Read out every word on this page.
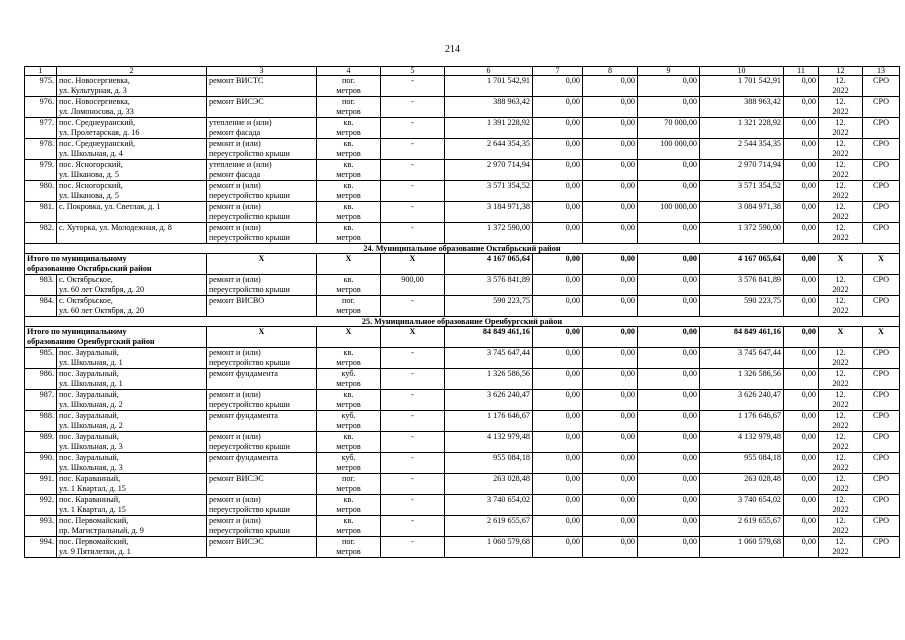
214
1	2	3	4	5	6	7	8	9	10	11	12	13
975.	пос. Новосергиевка,
ул. Культурная, д. 3	ремонт ВИСТС	пог.
метров	-	1 701 542,91	0,00	0,00	0,00	1 701 542,91	0,00	12.
2022	СРО
976.	пос. Новосергиевка,
ул. Ломоносова, д. 33	ремонт ВИСЭС	пог.
метров	-	388 963,42	0,00	0,00	0,00	388 963,42	0,00	12.
2022	СРО
977.	пос. Среднеуранский,
ул. Пролетарская, д. 16	утепление и (или)
ремонт фасада	кв.
метров	-	1 391 228,92	0,00	0,00	70 000,00	1 321 228,92	0,00	12.
2022	СРО
978.	пос. Среднеуранский,
ул. Школьная, д. 4	ремонт и (или)
переустройство крыши	кв.
метров	-	2 644 354,35	0,00	0,00	100 000,00	2 544 354,35	0,00	12.
2022	СРО
979.	пос. Ясногорский,
ул. Шканова, д. 5	утепление и (или)
ремонт фасада	кв.
метров	-	2 970 714,94	0,00	0,00	0,00	2 970 714,94	0,00	12.
2022	СРО
980.	пос. Ясногорский,
ул. Шканова, д. 5	ремонт и (или)
переустройство крыши	кв.
метров	-	3 571 354,52	0,00	0,00	0,00	3 571 354,52	0,00	12.
2022	СРО
981.	с. Покровка, ул. Светлая, д. 1	ремонт и (или)
переустройство крыши	кв.
метров	-	3 184 971,38	0,00	0,00	100 000,00	3 084 971,38	0,00	12.
2022	СРО
982.	с. Хуторка, ул. Молодежная, д. 8	ремонт и (или)
переустройство крыши	кв.
метров	-	1 372 590,00	0,00	0,00	0,00	1 372 590,00	0,00	12.
2022	СРО
24. Муниципальное образование Октябрьский район												
Итого по муниципальному
образованию Октябрьский район		X	X	X	4 167 065,64	0,00	0,00	0,00	4 167 065,64	0,00	X	X
983.	с. Октябрьское,
ул. 60 лет Октября, д. 20	ремонт и (или)
переустройство крыши	кв.
метров	900,00	3 576 841,89	0,00	0,00	0,00	3 576 841,89	0,00	12.
2022	СРО
984.	с. Октябрьское,
ул. 60 лет Октября, д. 20	ремонт ВИСВО	пог.
метров	-	590 223,75	0,00	0,00	0,00	590 223,75	0,00	12.
2022	СРО
25. Муниципальное образование Оренбургский район												
Итого по муниципальному
образованию Оренбургский район		X	X	X	84 849 461,16	0,00	0,00	0,00	84 849 461,16	0,00	X	X
985.	пос. Зауральный,
ул. Школьная, д. 1	ремонт и (или)
переустройство крыши	кв.
метров	-	3 745 647,44	0,00	0,00	0,00	3 745 647,44	0,00	12.
2022	СРО
986.	пос. Зауральный,
ул. Школьная, д. 1	ремонт фундамента	куб.
метров	-	1 326 586,56	0,00	0,00	0,00	1 326 586,56	0,00	12.
2022	СРО
987.	пос. Зауральный,
ул. Школьная, д. 2	ремонт и (или)
переустройство крыши	кв.
метров	-	3 626 240,47	0,00	0,00	0,00	3 626 240,47	0,00	12.
2022	СРО
988.	пос. Зауральный,
ул. Школьная, д. 2	ремонт фундамента	куб.
метров	-	1 176 646,67	0,00	0,00	0,00	1 176 646,67	0,00	12.
2022	СРО
989.	пос. Зауральный,
ул. Школьная, д. 3	ремонт и (или)
переустройство крыши	кв.
метров	-	4 132 979,48	0,00	0,00	0,00	4 132 979,48	0,00	12.
2022	СРО
990.	пос. Зауральный,
ул. Школьная, д. 3	ремонт фундамента	куб.
метров	-	955 084,18	0,00	0,00	0,00	955 084,18	0,00	12.
2022	СРО
991.	пос. Караванный,
ул. 1 Квартал, д. 15	ремонт ВИСЭС	пог.
метров	-	263 028,48	0,00	0,00	0,00	263 028,48	0,00	12.
2022	СРО
992.	пос. Караванный,
ул. 1 Квартал, д. 15	ремонт и (или)
переустройство крыши	кв.
метров	-	3 740 654,02	0,00	0,00	0,00	3 740 654,02	0,00	12.
2022	СРО
993.	пос. Первомайский,
пр. Магистральный, д. 9	ремонт и (или)
переустройство крыши	кв.
метров	-	2 619 655,67	0,00	0,00	0,00	2 619 655,67	0,00	12.
2022	СРО
994.	пос. Первомайский,
ул. 9 Пятилетки, д. 1	ремонт ВИСЭС	пог.
метров	-	1 060 579,68	0,00	0,00	0,00	1 060 579,68	0,00	12.
2022	СРО
